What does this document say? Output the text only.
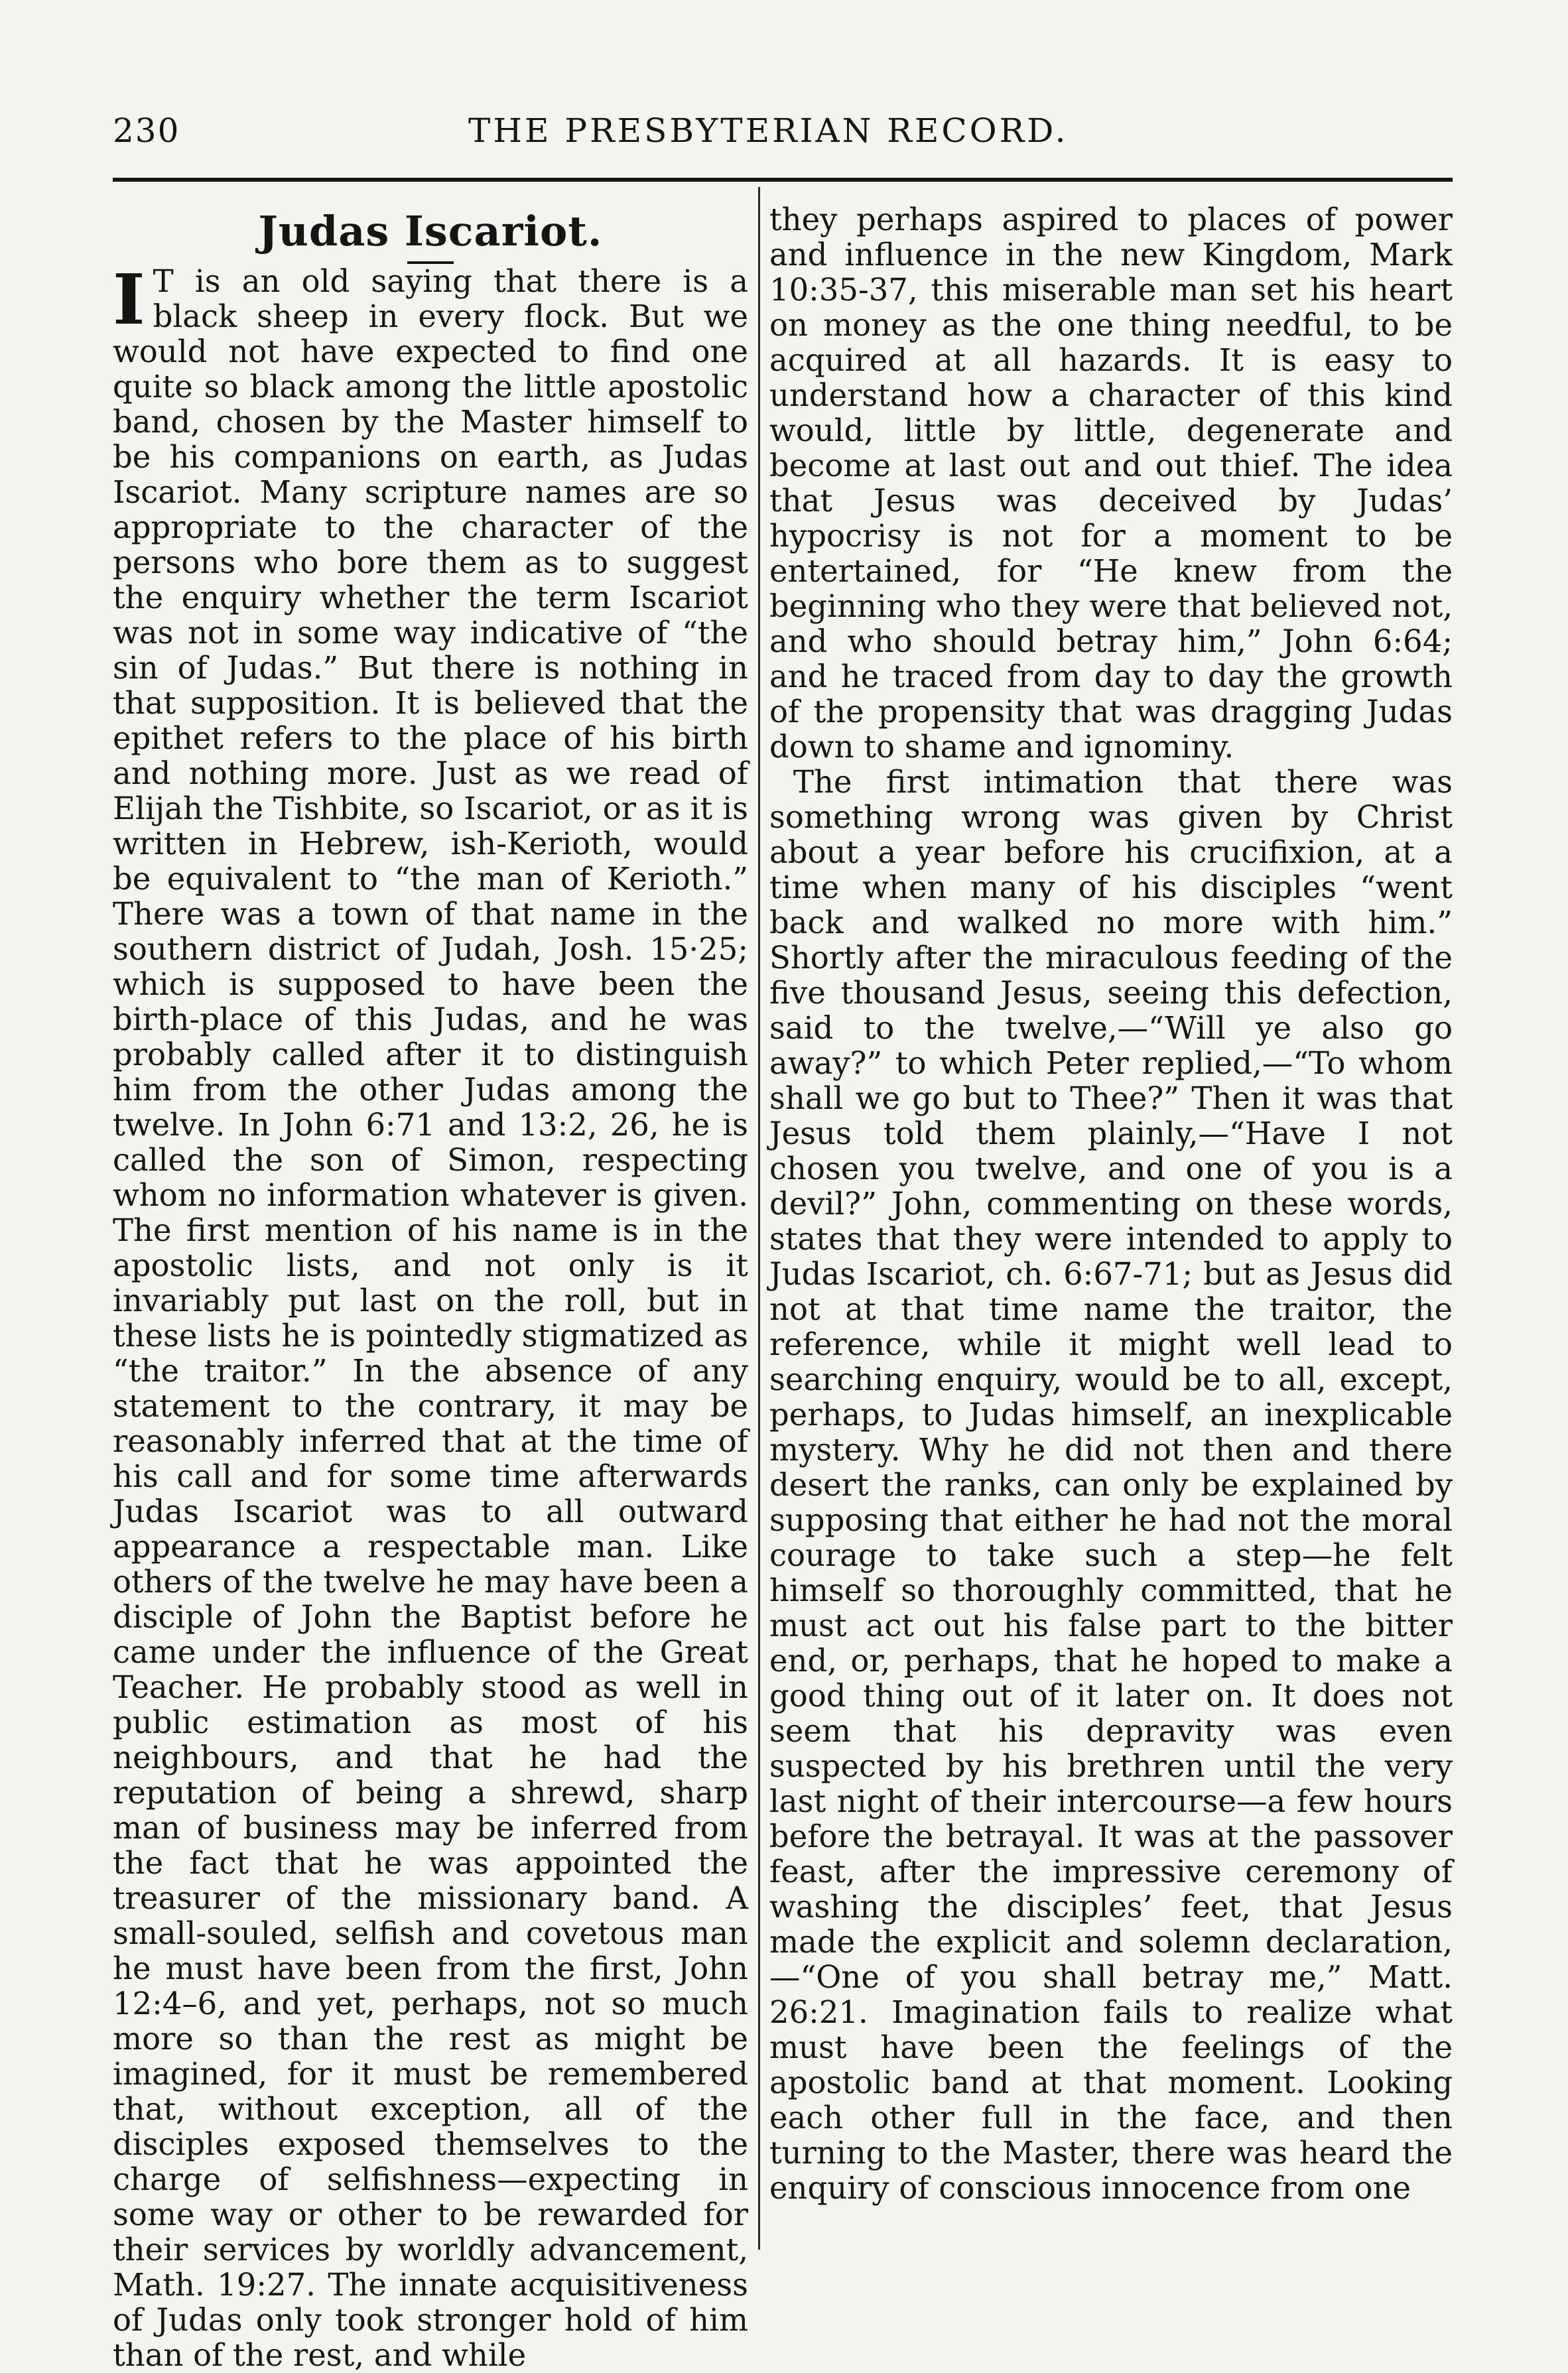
230	THE PRESBYTERIAN RECORD.
Judas Iscariot.

I T is an old saying that there is a black sheep in every flock. But we would not have expected to find one quite so black among the little apostolic band, chosen by the Master himself to be his companions on earth, as Judas Iscariot. Many scripture names are so appropriate to the character of the persons who bore them as to suggest the enquiry whether the term Iscariot was not in some way indicative of “the sin of Judas.” But there is nothing in that supposition. It is believed that the epithet refers to the place of his birth and nothing more. Just as we read of Elijah the Tishbite, so Iscariot, or as it is written in Hebrew, ish-Kerioth, would be equivalent to “the man of Kerioth.” There was a town of that name in the southern district of Judah, Josh. 15·25; which is supposed to have been the birth-place of this Judas, and he was probably called after it to distinguish him from the other Judas among the twelve. In John 6:71 and 13:2, 26, he is called the son of Simon, respecting whom no information whatever is given. The first mention of his name is in the apostolic lists, and not only is it invariably put last on the roll, but in these lists he is pointedly stigmatized as “the traitor.” In the absence of any statement to the contrary, it may be reasonably inferred that at the time of his call and for some time afterwards Judas Iscariot was to all outward appearance a respectable man. Like others of the twelve he may have been a disciple of John the Baptist before he came under the influence of the Great Teacher. He probably stood as well in public estimation as most of his neighbours, and that he had the reputation of being a shrewd, sharp man of business may be inferred from the fact that he was appointed the treasurer of the missionary band. A small-souled, selfish and covetous man he must have been from the first, John 12:4–6, and yet, perhaps, not so much more so than the rest as might be imagined, for it must be remembered that, without exception, all of the disciples exposed themselves to the charge of selfishness—expecting in some way or other to be rewarded for their services by worldly advancement, Math. 19:27. The innate acquisitiveness of Judas only took stronger hold of him than of the rest, and while

they perhaps aspired to places of power and influence in the new Kingdom, Mark 10:35-37, this miserable man set his heart on money as the one thing needful, to be acquired at all hazards. It is easy to understand how a character of this kind would, little by little, degenerate and become at last out and out thief. The idea that Jesus was deceived by Judas’ hypocrisy is not for a moment to be entertained, for “He knew from the beginning who they were that believed not, and who should betray him,” John 6:64; and he traced from day to day the growth of the propensity that was dragging Judas down to shame and ignominy.

The first intimation that there was something wrong was given by Christ about a year before his crucifixion, at a time when many of his disciples “went back and walked no more with him.” Shortly after the miraculous feeding of the five thousand Jesus, seeing this defection, said to the twelve,—“Will ye also go away?” to which Peter replied,—“To whom shall we go but to Thee?” Then it was that Jesus told them plainly,—“Have I not chosen you twelve, and one of you is a devil?” John, commenting on these words, states that they were intended to apply to Judas Iscariot, ch. 6:67-71; but as Jesus did not at that time name the traitor, the reference, while it might well lead to searching enquiry, would be to all, except, perhaps, to Judas himself, an inexplicable mystery. Why he did not then and there desert the ranks, can only be explained by supposing that either he had not the moral courage to take such a step—he felt himself so thoroughly committed, that he must act out his false part to the bitter end, or, perhaps, that he hoped to make a good thing out of it later on. It does not seem that his depravity was even suspected by his brethren until the very last night of their intercourse—a few hours before the betrayal. It was at the passover feast, after the impressive ceremony of washing the disciples’ feet, that Jesus made the explicit and solemn declaration,—“One of you shall betray me,” Matt. 26:21. Imagination fails to realize what must have been the feelings of the apostolic band at that moment. Looking each other full in the face, and then turning to the Master, there was heard the enquiry of conscious innocence from one
